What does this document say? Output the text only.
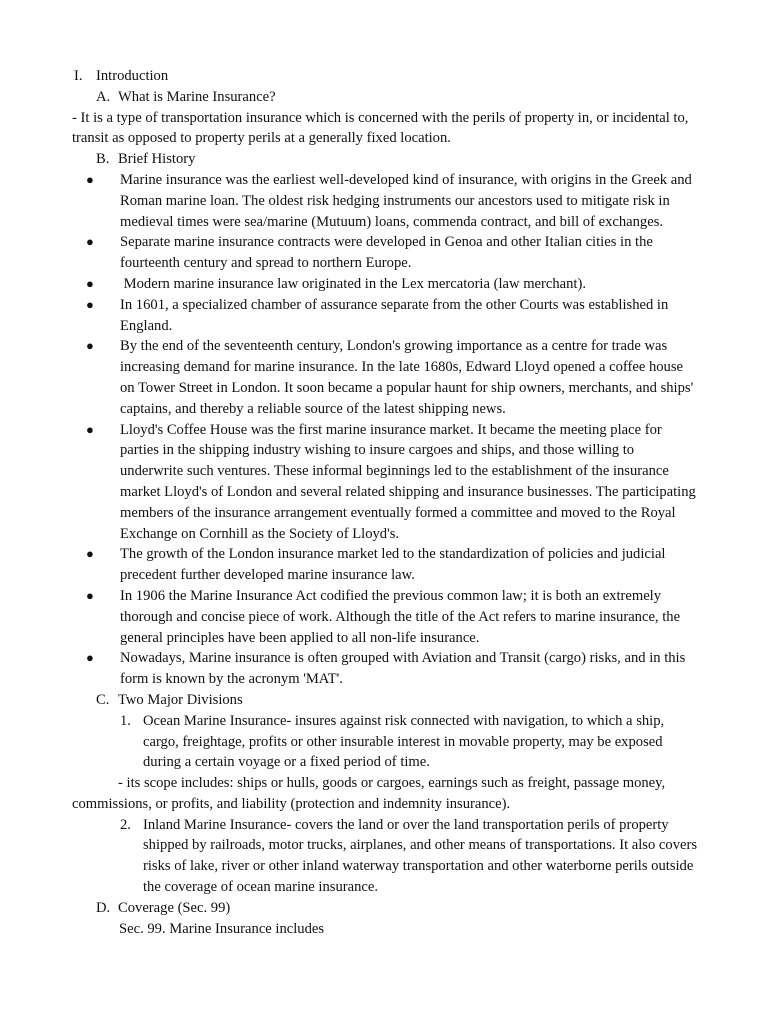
I. Introduction
A. What is Marine Insurance?
- It is a type of transportation insurance which is concerned with the perils of property in, or incidental to, transit as opposed to property perils at a generally fixed location.
B. Brief History
● Marine insurance was the earliest well-developed kind of insurance, with origins in the Greek and Roman marine loan. The oldest risk hedging instruments our ancestors used to mitigate risk in medieval times were sea/marine (Mutuum) loans, commenda contract, and bill of exchanges.
● Separate marine insurance contracts were developed in Genoa and other Italian cities in the fourteenth century and spread to northern Europe.
● Modern marine insurance law originated in the Lex mercatoria (law merchant).
● In 1601, a specialized chamber of assurance separate from the other Courts was established in England.
● By the end of the seventeenth century, London's growing importance as a centre for trade was increasing demand for marine insurance. In the late 1680s, Edward Lloyd opened a coffee house on Tower Street in London. It soon became a popular haunt for ship owners, merchants, and ships' captains, and thereby a reliable source of the latest shipping news.
● Lloyd's Coffee House was the first marine insurance market. It became the meeting place for parties in the shipping industry wishing to insure cargoes and ships, and those willing to underwrite such ventures. These informal beginnings led to the establishment of the insurance market Lloyd's of London and several related shipping and insurance businesses. The participating members of the insurance arrangement eventually formed a committee and moved to the Royal Exchange on Cornhill as the Society of Lloyd's.
● The growth of the London insurance market led to the standardization of policies and judicial precedent further developed marine insurance law.
● In 1906 the Marine Insurance Act codified the previous common law; it is both an extremely thorough and concise piece of work. Although the title of the Act refers to marine insurance, the general principles have been applied to all non-life insurance.
● Nowadays, Marine insurance is often grouped with Aviation and Transit (cargo) risks, and in this form is known by the acronym 'MAT'.
C. Two Major Divisions
1. Ocean Marine Insurance- insures against risk connected with navigation, to which a ship, cargo, freightage, profits or other insurable interest in movable property, may be exposed during a certain voyage or a fixed period of time.
- its scope includes: ships or hulls, goods or cargoes, earnings such as freight, passage money, commissions, or profits, and liability (protection and indemnity insurance).
2. Inland Marine Insurance- covers the land or over the land transportation perils of property shipped by railroads, motor trucks, airplanes, and other means of transportations. It also covers risks of lake, river or other inland waterway transportation and other waterborne perils outside the coverage of ocean marine insurance.
D. Coverage (Sec. 99)
Sec. 99. Marine Insurance includes
